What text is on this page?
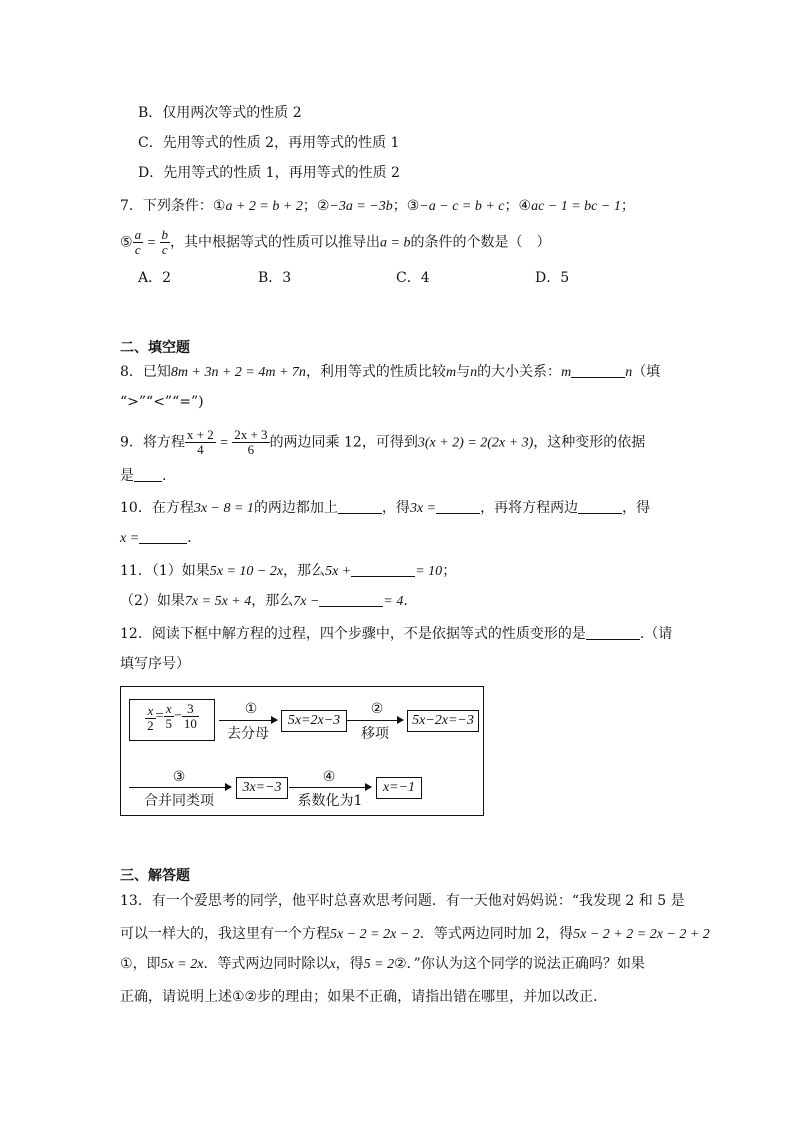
B．仅用两次等式的性质 2
C．先用等式的性质 2，再用等式的性质 1
D．先用等式的性质 1，再用等式的性质 2
7．下列条件：①a + 2 = b + 2；②−3a = −3b；③−a − c = b + c；④ac − 1 = bc − 1；
⑤ $\frac{a}{c} = \frac{b}{c}$ ，其中根据等式的性质可以推导出a = b的条件的个数是（　）
A．2	B．3	C．4	D．5
二、填空题
8．已知8m + 3n + 2 = 4m + 7n，利用等式的性质比较m与n的大小关系：m	n（填
“>”“<”“=”)
9．将方程 $\frac{x + 2}{4} = \frac{2x + 3}{6}$ 的两边同乘 12，可得到3(x + 2) = 2(2x + 3)，这种变形的依据
是 .
10．在方程3x − 8 = 1的两边都加上	，得3x =	，再将方程两边	，得
x =	.
11．（1）如果5x = 10 − 2x，那么5x +	= 10；
（2）如果7x = 5x + 4，那么7x −	= 4.
12．阅读下框中解方程的过程，四个步骤中，不是依据等式的性质变形的是	.（请
填写序号）
$\frac{x}{2} = \frac{x}{5} - \frac{3}{10}$	①
去分母
5x=2x−3
②
移项
5x−2x=−3
③
合并同类项
3x=−3
④
系数化为1
x=−1
三、解答题
13．有一个爱思考的同学，他平时总喜欢思考问题．有一天他对妈妈说：“我发现 2 和 5 是
可以一样大的，我这里有一个方程5x − 2 = 2x − 2．等式两边同时加 2，得5x − 2 + 2 = 2x − 2 + 2
①，即5x = 2x．等式两边同时除以x，得5 = 2②．”你认为这个同学的说法正确吗？如果
正确，请说明上述①②步的理由；如果不正确，请指出错在哪里，并加以改正．
